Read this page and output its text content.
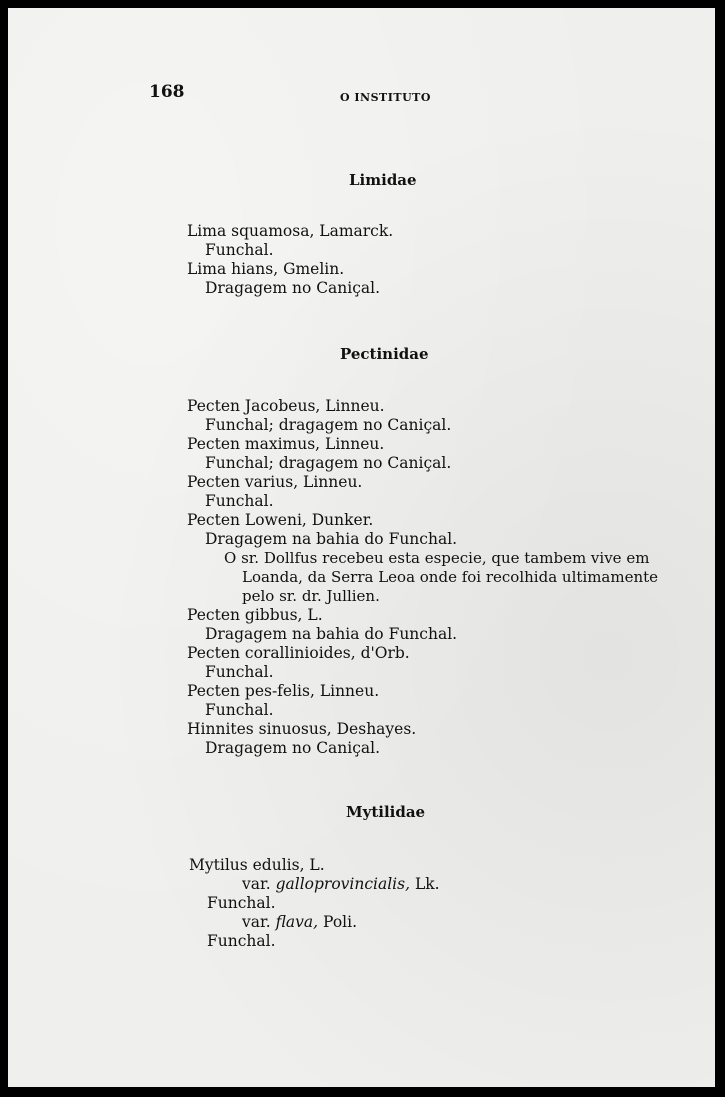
168	O INSTITUTO
Limidae
Lima squamosa, Lamarck.
Funchal.
Lima hians, Gmelin.
Dragagem no Caniçal.
Pectinidae
Pecten Jacobeus, Linneu.
Funchal; dragagem no Caniçal.
Pecten maximus, Linneu.
Funchal; dragagem no Caniçal.
Pecten varius, Linneu.
Funchal.
Pecten Loweni, Dunker.
Dragagem na bahia do Funchal.
O sr. Dollfus recebeu esta especie, que tambem vive em
Loanda, da Serra Leoa onde foi recolhida ultimamente
pelo sr. dr. Jullien.
Pecten gibbus, L.
Dragagem na bahia do Funchal.
Pecten corallinioides, d'Orb.
Funchal.
Pecten pes-felis, Linneu.
Funchal.
Hinnites sinuosus, Deshayes.
Dragagem no Caniçal.
Mytilidae
Mytilus edulis, L.
var. galloprovincialis, Lk.
Funchal.
var. flava, Poli.
Funchal.
